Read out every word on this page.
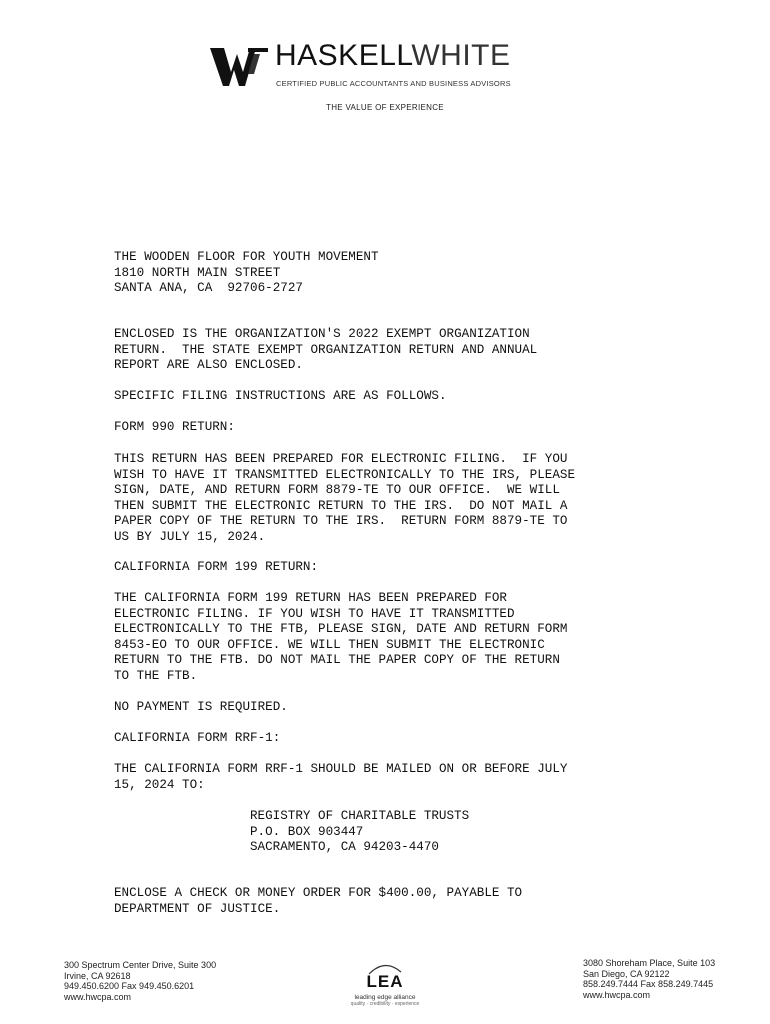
HASKELLWHITE
CERTIFIED PUBLIC ACCOUNTANTS AND BUSINESS ADVISORS
THE VALUE OF EXPERIENCE
THE WOODEN FLOOR FOR YOUTH MOVEMENT
1810 NORTH MAIN STREET
SANTA ANA, CA  92706-2727
ENCLOSED IS THE ORGANIZATION'S 2022 EXEMPT ORGANIZATION
RETURN.  THE STATE EXEMPT ORGANIZATION RETURN AND ANNUAL
REPORT ARE ALSO ENCLOSED.
SPECIFIC FILING INSTRUCTIONS ARE AS FOLLOWS.
FORM 990 RETURN:
THIS RETURN HAS BEEN PREPARED FOR ELECTRONIC FILING.  IF YOU
WISH TO HAVE IT TRANSMITTED ELECTRONICALLY TO THE IRS, PLEASE
SIGN, DATE, AND RETURN FORM 8879-TE TO OUR OFFICE.  WE WILL
THEN SUBMIT THE ELECTRONIC RETURN TO THE IRS.  DO NOT MAIL A
PAPER COPY OF THE RETURN TO THE IRS.  RETURN FORM 8879-TE TO
US BY JULY 15, 2024.
CALIFORNIA FORM 199 RETURN:
THE CALIFORNIA FORM 199 RETURN HAS BEEN PREPARED FOR
ELECTRONIC FILING. IF YOU WISH TO HAVE IT TRANSMITTED
ELECTRONICALLY TO THE FTB, PLEASE SIGN, DATE AND RETURN FORM
8453-EO TO OUR OFFICE. WE WILL THEN SUBMIT THE ELECTRONIC
RETURN TO THE FTB. DO NOT MAIL THE PAPER COPY OF THE RETURN
TO THE FTB.
NO PAYMENT IS REQUIRED.
CALIFORNIA FORM RRF-1:
THE CALIFORNIA FORM RRF-1 SHOULD BE MAILED ON OR BEFORE JULY
15, 2024 TO:
REGISTRY OF CHARITABLE TRUSTS
P.O. BOX 903447
SACRAMENTO, CA 94203-4470
ENCLOSE A CHECK OR MONEY ORDER FOR $400.00, PAYABLE TO
DEPARTMENT OF JUSTICE.
300 Spectrum Center Drive, Suite 300
Irvine, CA 92618
949.450.6200 Fax 949.450.6201
www.hwcpa.com
LEA
leading edge alliance
quality · credibility · experience
3080 Shoreham Place, Suite 103
San Diego, CA 92122
858.249.7444 Fax 858.249.7445
www.hwcpa.com
